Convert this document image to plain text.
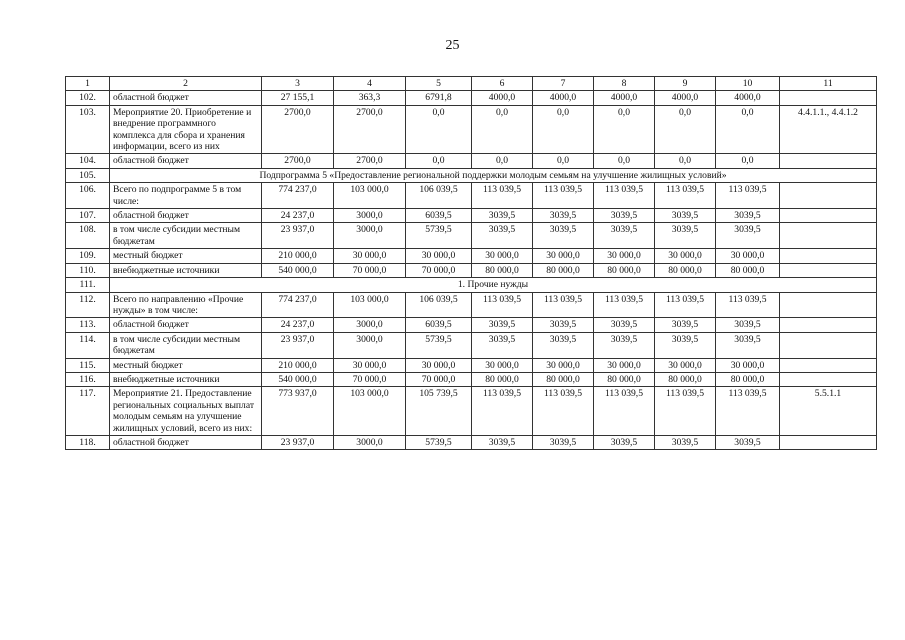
25
1	2	3	4	5	6	7	8	9	10	11
102.	областной бюджет	27 155,1	363,3	6791,8	4000,0	4000,0	4000,0	4000,0	4000,0	
103.	Мероприятие 20. Приобретение и внедрение программного комплекса для сбора и хранения информации, всего из них	2700,0	2700,0	0,0	0,0	0,0	0,0	0,0	0,0	4.4.1.1., 4.4.1.2
104.	областной бюджет	2700,0	2700,0	0,0	0,0	0,0	0,0	0,0	0,0	
105.	Подпрограмма 5 «Предоставление региональной поддержки молодым семьям на улучшение жилищных условий»									
106.	Всего по подпрограмме 5 в том числе:	774 237,0	103 000,0	106 039,5	113 039,5	113 039,5	113 039,5	113 039,5	113 039,5	
107.	областной бюджет	24 237,0	3000,0	6039,5	3039,5	3039,5	3039,5	3039,5	3039,5	
108.	в том числе субсидии местным бюджетам	23 937,0	3000,0	5739,5	3039,5	3039,5	3039,5	3039,5	3039,5	
109.	местный бюджет	210 000,0	30 000,0	30 000,0	30 000,0	30 000,0	30 000,0	30 000,0	30 000,0	
110.	внебюджетные источники	540 000,0	70 000,0	70 000,0	80 000,0	80 000,0	80 000,0	80 000,0	80 000,0	
111.	1. Прочие нужды									
112.	Всего по направлению «Прочие нужды» в том числе:	774 237,0	103 000,0	106 039,5	113 039,5	113 039,5	113 039,5	113 039,5	113 039,5	
113.	областной бюджет	24 237,0	3000,0	6039,5	3039,5	3039,5	3039,5	3039,5	3039,5	
114.	в том числе субсидии местным бюджетам	23 937,0	3000,0	5739,5	3039,5	3039,5	3039,5	3039,5	3039,5	
115.	местный бюджет	210 000,0	30 000,0	30 000,0	30 000,0	30 000,0	30 000,0	30 000,0	30 000,0	
116.	внебюджетные источники	540 000,0	70 000,0	70 000,0	80 000,0	80 000,0	80 000,0	80 000,0	80 000,0	
117.	Мероприятие 21. Предоставление региональных социальных выплат молодым семьям на улучшение жилищных условий, всего из них:	773 937,0	103 000,0	105 739,5	113 039,5	113 039,5	113 039,5	113 039,5	113 039,5	5.5.1.1
118.	областной бюджет	23 937,0	3000,0	5739,5	3039,5	3039,5	3039,5	3039,5	3039,5	
